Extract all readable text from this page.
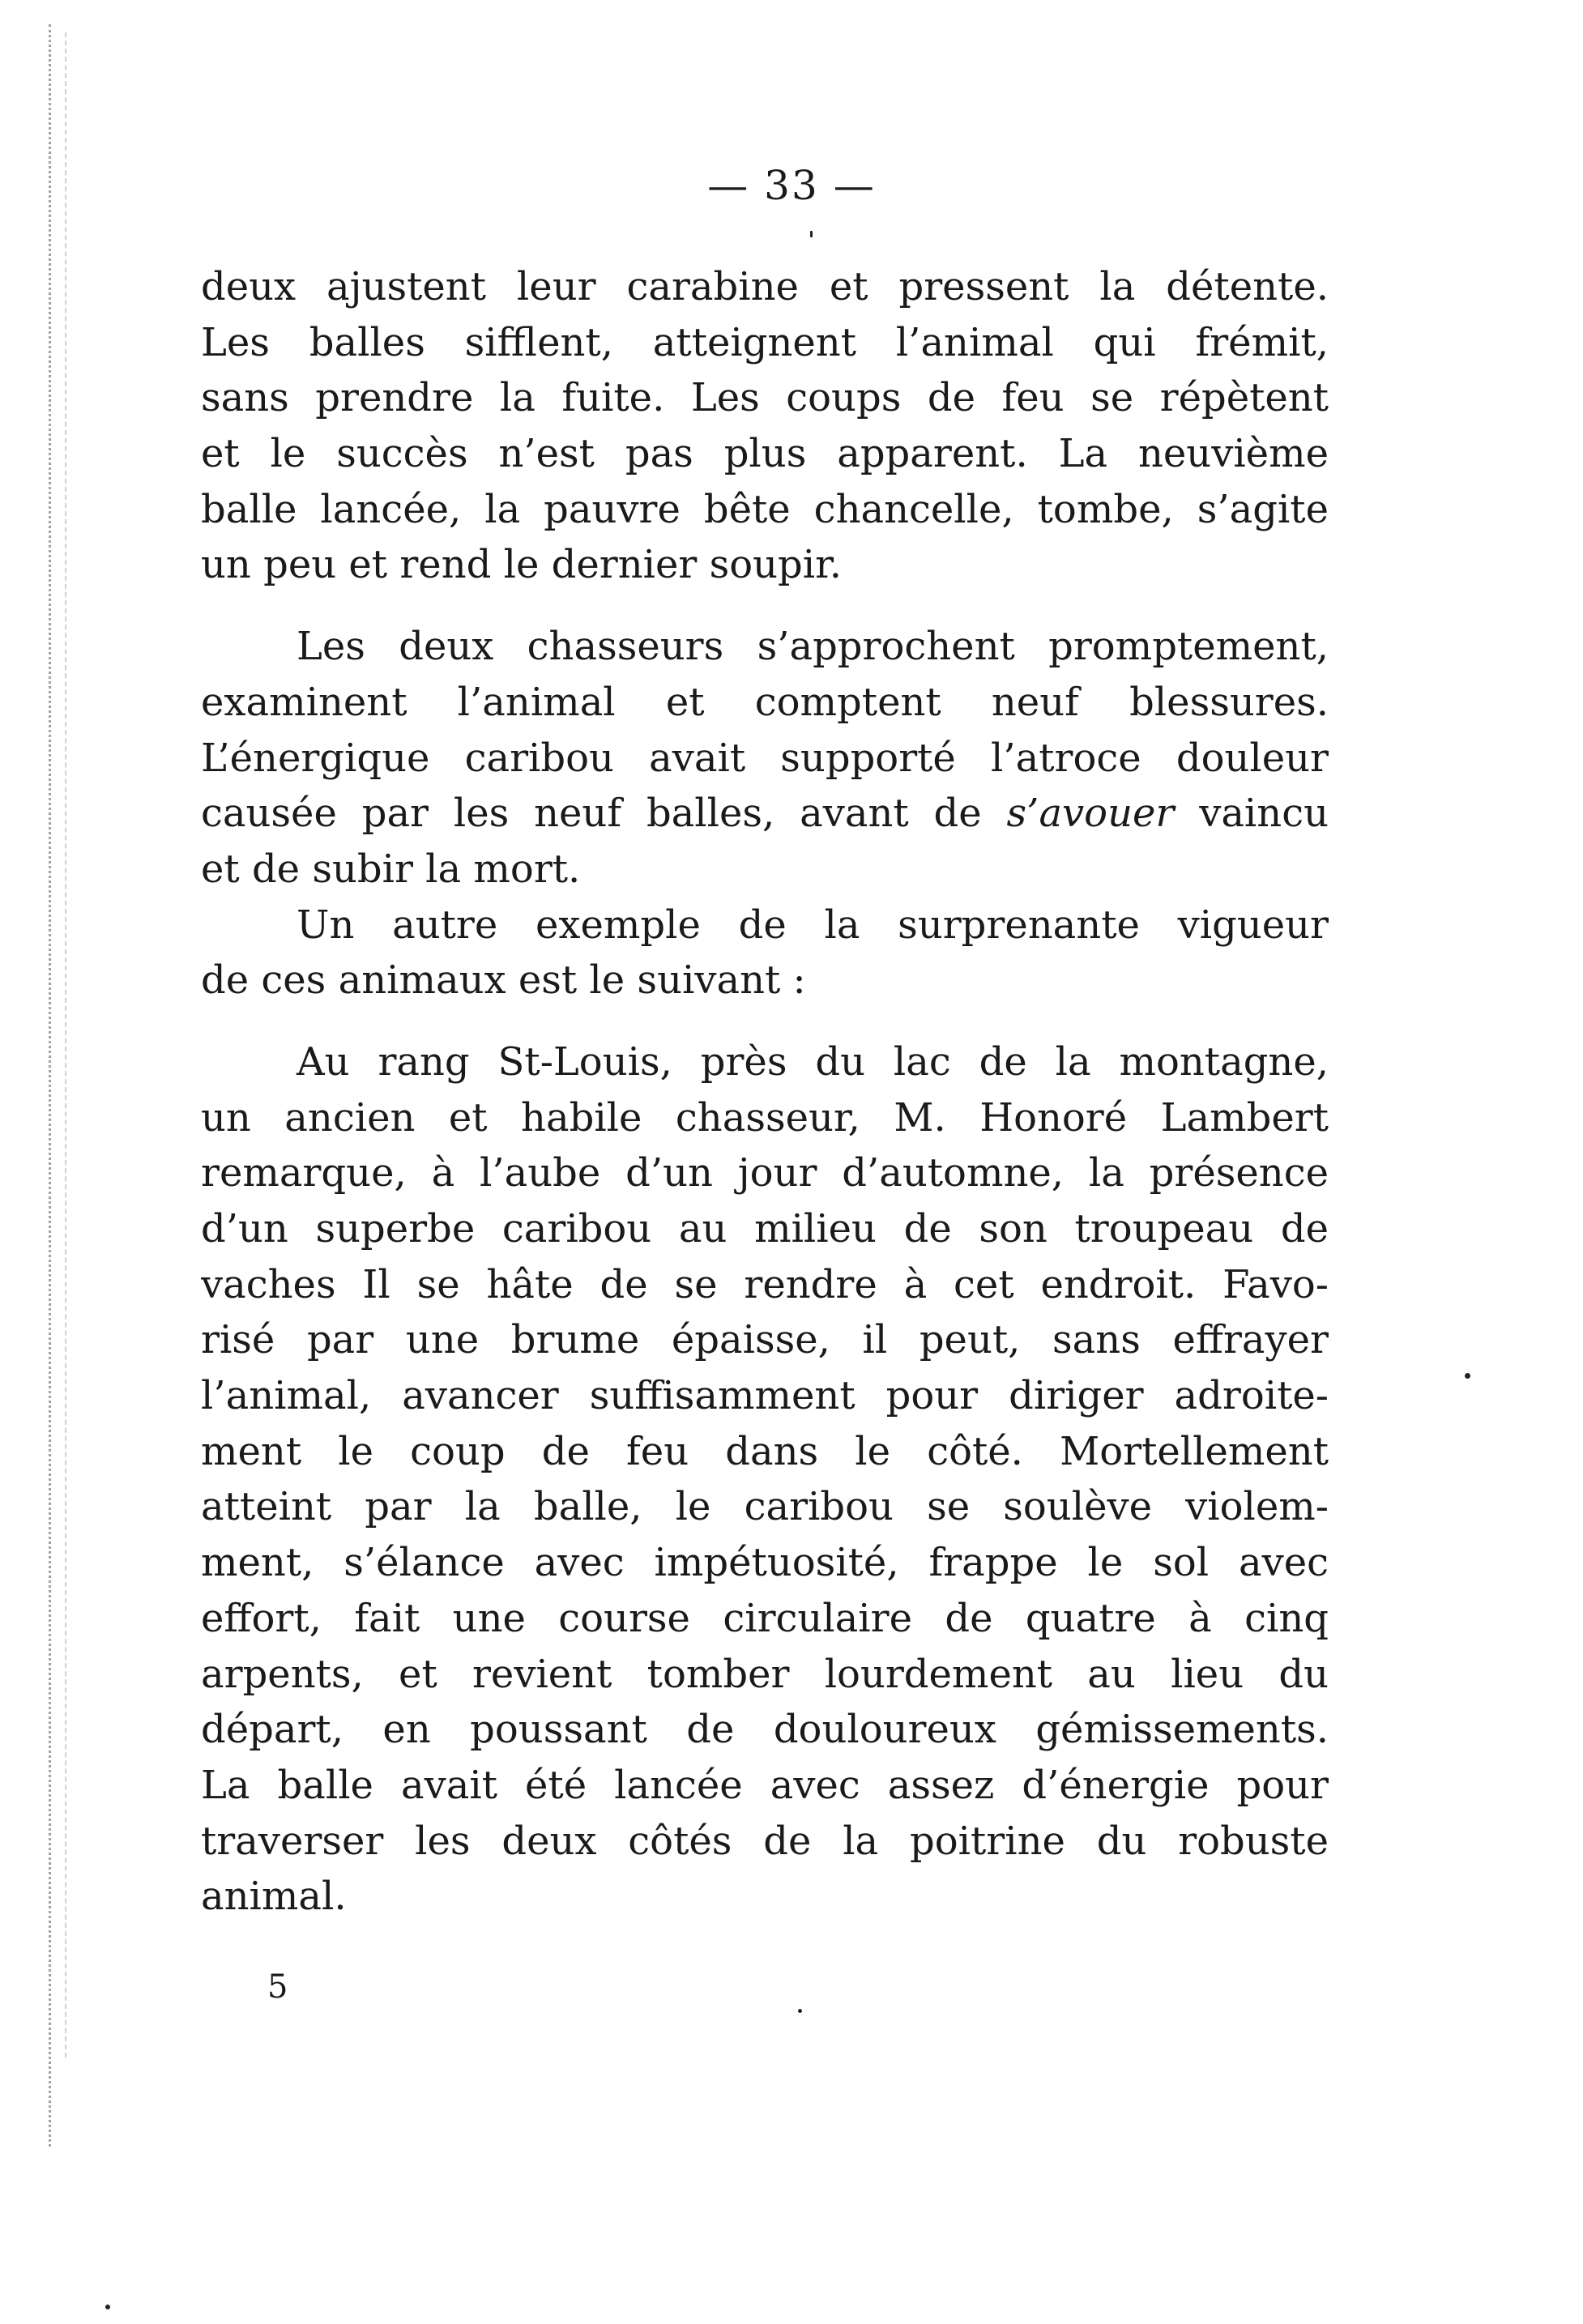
— 33 —
deux ajustent leur carabine et pressent la détente.
Les balles sifflent, atteignent l’animal qui frémit,
sans prendre la fuite. Les coups de feu se répètent
et le succès n’est pas plus apparent. La neuvième
balle lancée, la pauvre bête chancelle, tombe, s’agite
un peu et rend le dernier soupir.
Les deux chasseurs s’approchent promptement,
examinent l’animal et comptent neuf blessures.
L’énergique caribou avait supporté l’atroce douleur
causée par les neuf balles, avant de s’avouer vaincu
et de subir la mort.
Un autre exemple de la surprenante vigueur
de ces animaux est le suivant :
Au rang St-Louis, près du lac de la montagne,
un ancien et habile chasseur, M. Honoré Lambert
remarque, à l’aube d’un jour d’automne, la présence
d’un superbe caribou au milieu de son troupeau de
vaches Il se hâte de se rendre à cet endroit. Favo-
risé par une brume épaisse, il peut, sans effrayer
l’animal, avancer suffisamment pour diriger adroite-
ment le coup de feu dans le côté. Mortellement
atteint par la balle, le caribou se soulève violem-
ment, s’élance avec impétuosité, frappe le sol avec
effort, fait une course circulaire de quatre à cinq
arpents, et revient tomber lourdement au lieu du
départ, en poussant de douloureux gémissements.
La balle avait été lancée avec assez d’énergie pour
traverser les deux côtés de la poitrine du robuste
animal.
5
